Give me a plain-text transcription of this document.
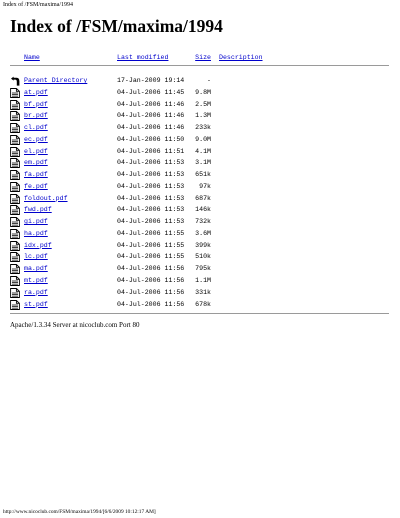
Index of /FSM/maxima/1994
Index of /FSM/maxima/1994
Name	Last modified	Size Description
Parent Directory	17-Jan-2009 19:14	-
at.pdf	04-Jul-2006 11:45	9.8M
bf.pdf	04-Jul-2006 11:46	2.5M
br.pdf	04-Jul-2006 11:46	1.3M
cl.pdf	04-Jul-2006 11:46	233k
ec.pdf	04-Jul-2006 11:50	9.0M
el.pdf	04-Jul-2006 11:51	4.1M
em.pdf	04-Jul-2006 11:53	3.1M
fa.pdf	04-Jul-2006 11:53	651k
fe.pdf	04-Jul-2006 11:53	97k
foldout.pdf	04-Jul-2006 11:53	687k
fwd.pdf	04-Jul-2006 11:53	146k
gi.pdf	04-Jul-2006 11:53	732k
ha.pdf	04-Jul-2006 11:55	3.6M
idx.pdf	04-Jul-2006 11:55	399k
lc.pdf	04-Jul-2006 11:55	510k
ma.pdf	04-Jul-2006 11:56	795k
mt.pdf	04-Jul-2006 11:56	1.1M
ra.pdf	04-Jul-2006 11:56	331k
st.pdf	04-Jul-2006 11:56	678k
Apache/1.3.34 Server at nicoclub.com Port 80
http://www.nicoclub.com/FSM/maxima/1994/[6/6/2009 10:12:17 AM]
